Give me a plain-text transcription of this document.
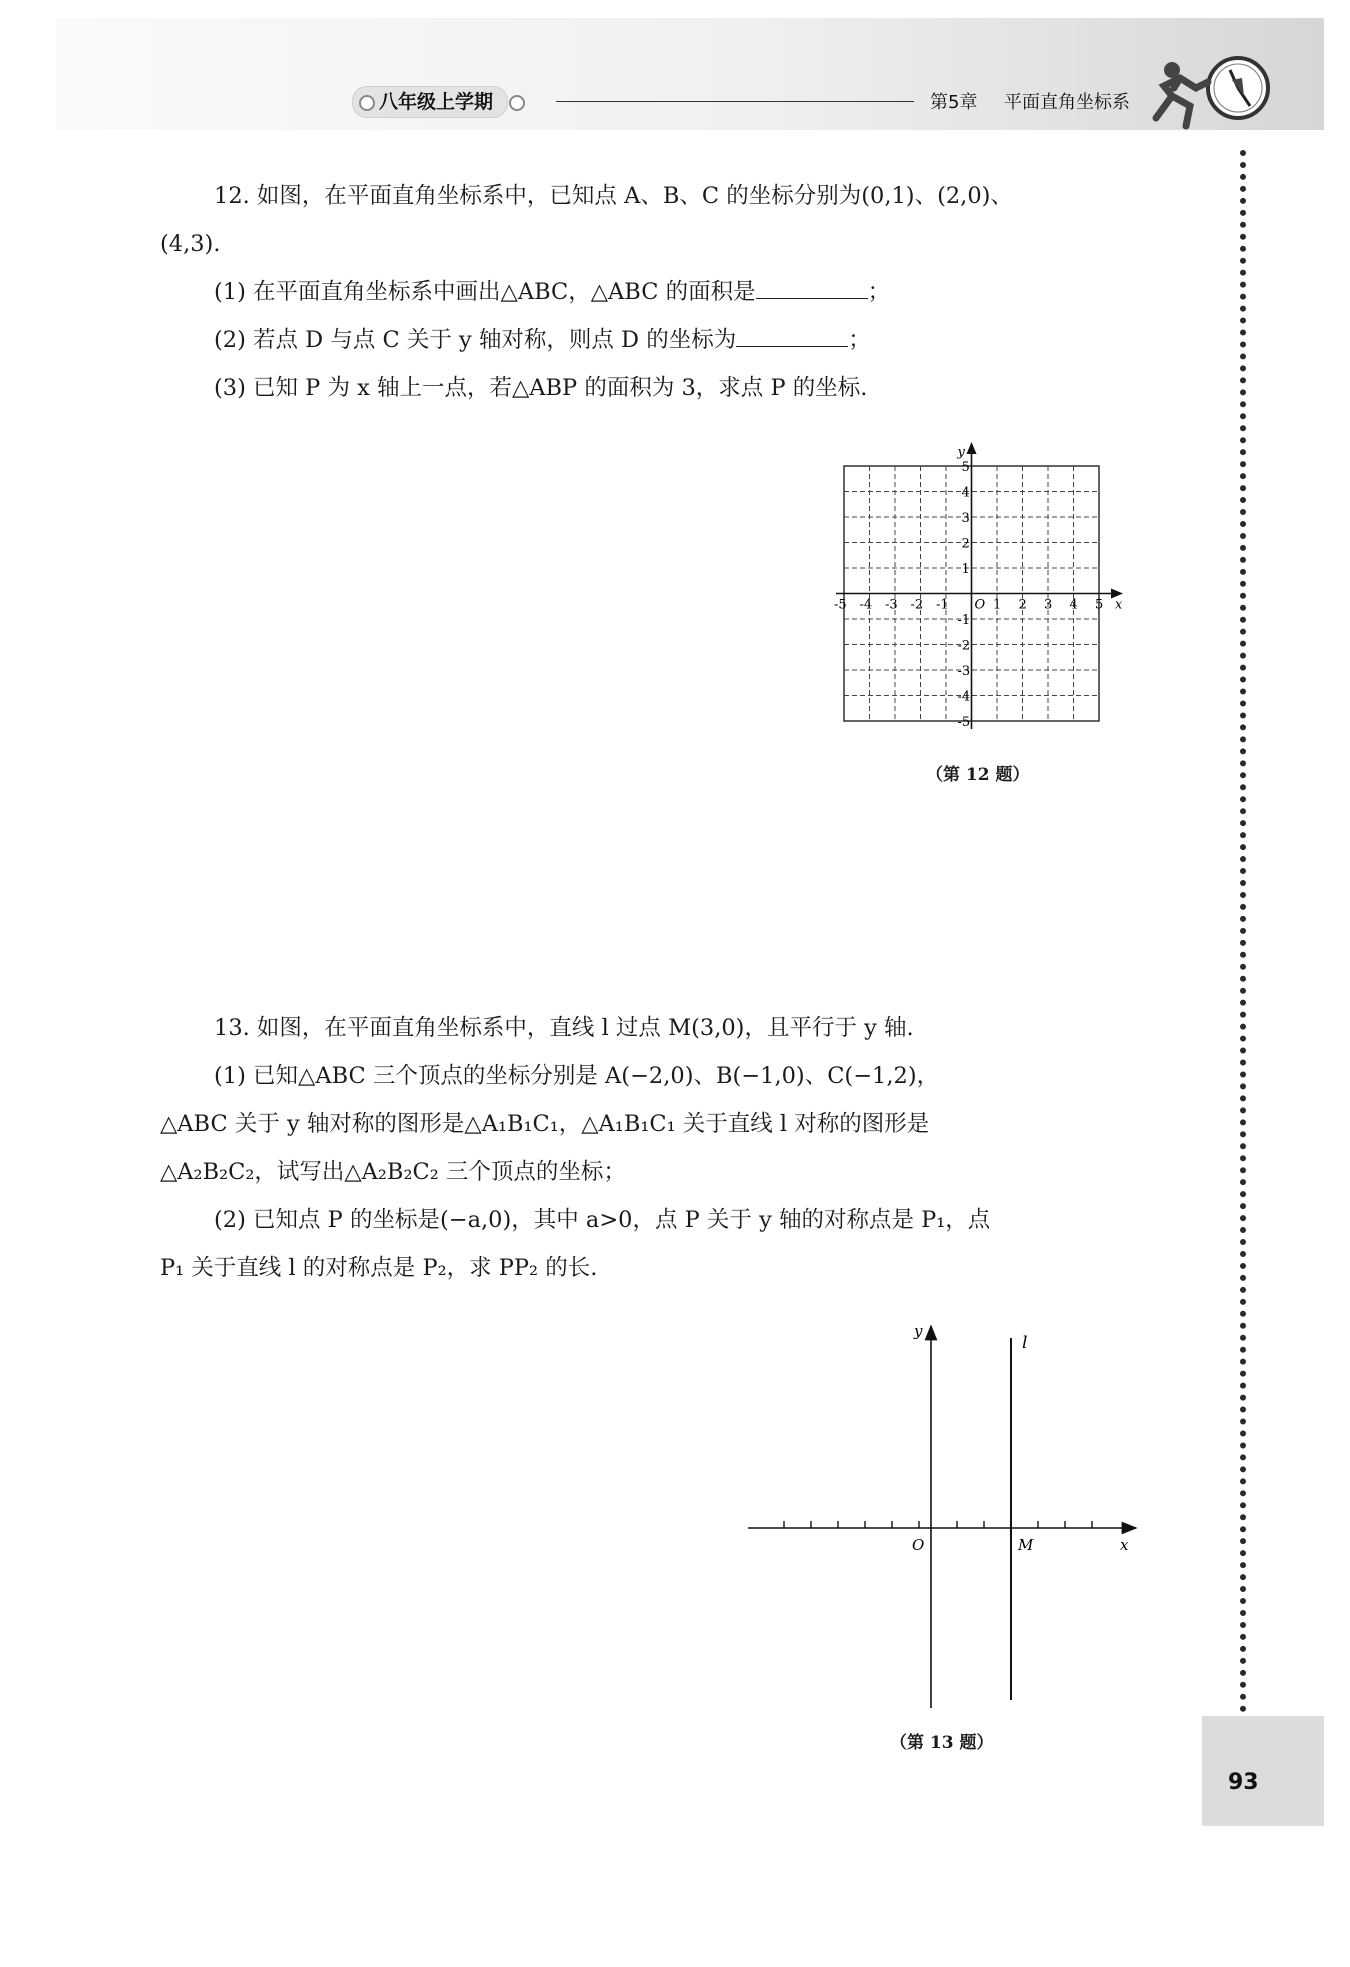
八年级上学期	第5章 平面直角坐标系
93

12. 如图，在平面直角坐标系中，已知点 A、B、C 的坐标分别为(0,1)、(2,0)、

(4,3).

(1) 在平面直角坐标系中画出△ABC，△ABC 的面积是	；

(2) 若点 D 与点 C 关于 y 轴对称，则点 D 的坐标为	；

(3) 已知 P 为 x 轴上一点，若△ABP 的面积为 3，求点 P 的坐标.

-5 -4 -3 -2 -1	1 2 3 4 5
5
4
3
2
1
-1
-2
-3
-4
-5
O	x
y
（第 12 题）

13. 如图，在平面直角坐标系中，直线 l 过点 M(3,0)，且平行于 y 轴.

(1) 已知△ABC 三个顶点的坐标分别是 A(−2,0)、B(−1,0)、C(−1,2)，

△ABC 关于 y 轴对称的图形是△A₁B₁C₁，△A₁B₁C₁ 关于直线 l 对称的图形是

△A₂B₂C₂，试写出△A₂B₂C₂ 三个顶点的坐标；

(2) 已知点 P 的坐标是(−a,0)，其中 a>0，点 P 关于 y 轴的对称点是 P₁，点

P₁ 关于直线 l 的对称点是 P₂，求 PP₂ 的长.

y
l
O	M	x
（第 13 题）
